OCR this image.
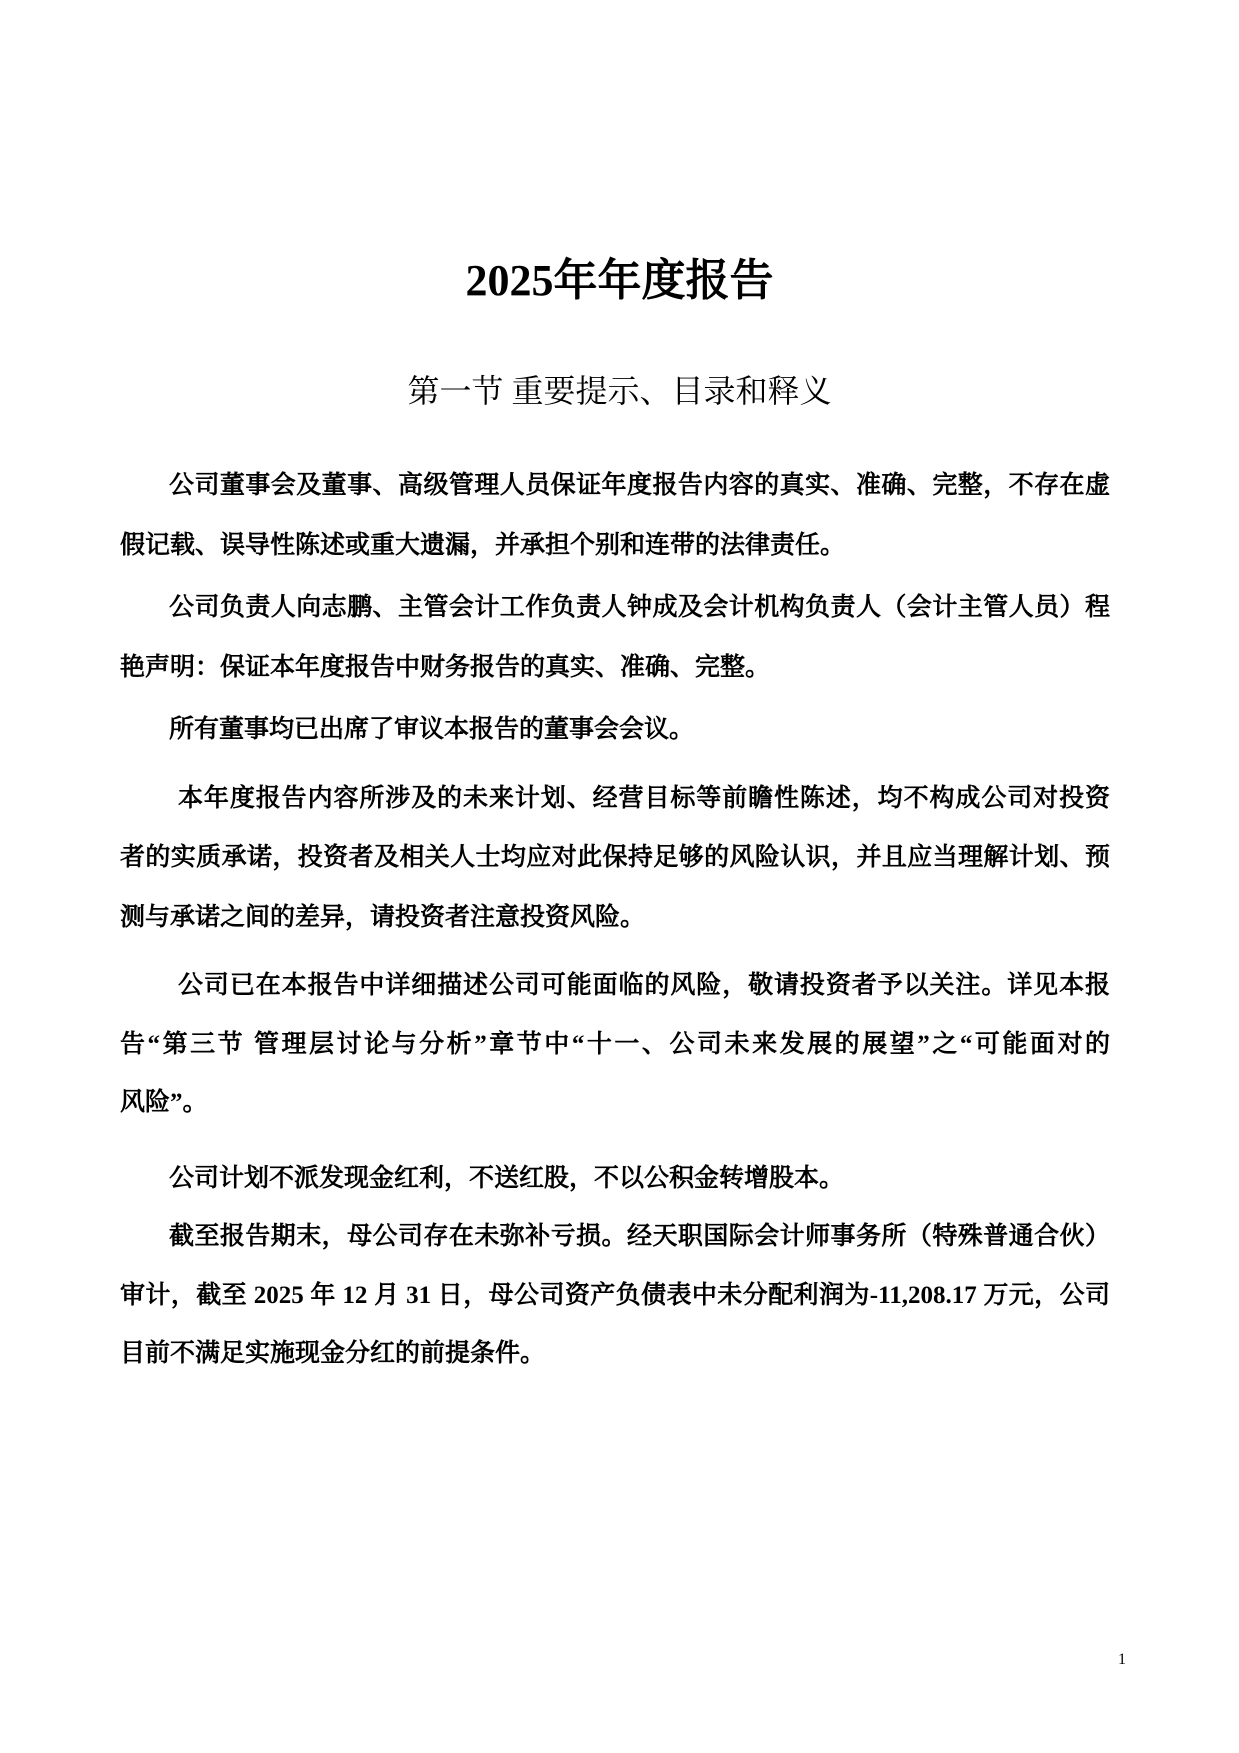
2025年年度报告
第一节 重要提示、目录和释义
公司董事会及董事、高级管理人员保证年度报告内容的真实、准确、完整，不存在虚
假记载、误导性陈述或重大遗漏，并承担个别和连带的法律责任。
公司负责人向志鹏、主管会计工作负责人钟成及会计机构负责人（会计主管人员）程
艳声明：保证本年度报告中财务报告的真实、准确、完整。
所有董事均已出席了审议本报告的董事会会议。
本年度报告内容所涉及的未来计划、经营目标等前瞻性陈述，均不构成公司对投资
者的实质承诺，投资者及相关人士均应对此保持足够的风险认识，并且应当理解计划、预
测与承诺之间的差异，请投资者注意投资风险。
公司已在本报告中详细描述公司可能面临的风险，敬请投资者予以关注。详见本报
告“第三节 管理层讨论与分析”章节中“十一、公司未来发展的展望”之“可能面对的
风险”。
公司计划不派发现金红利，不送红股，不以公积金转增股本。
截至报告期末，母公司存在未弥补亏损。经天职国际会计师事务所（特殊普通合伙）
审计，截至 2025 年 12 月 31 日，母公司资产负债表中未分配利润为-11,208.17 万元，公司
目前不满足实施现金分红的前提条件。
1
